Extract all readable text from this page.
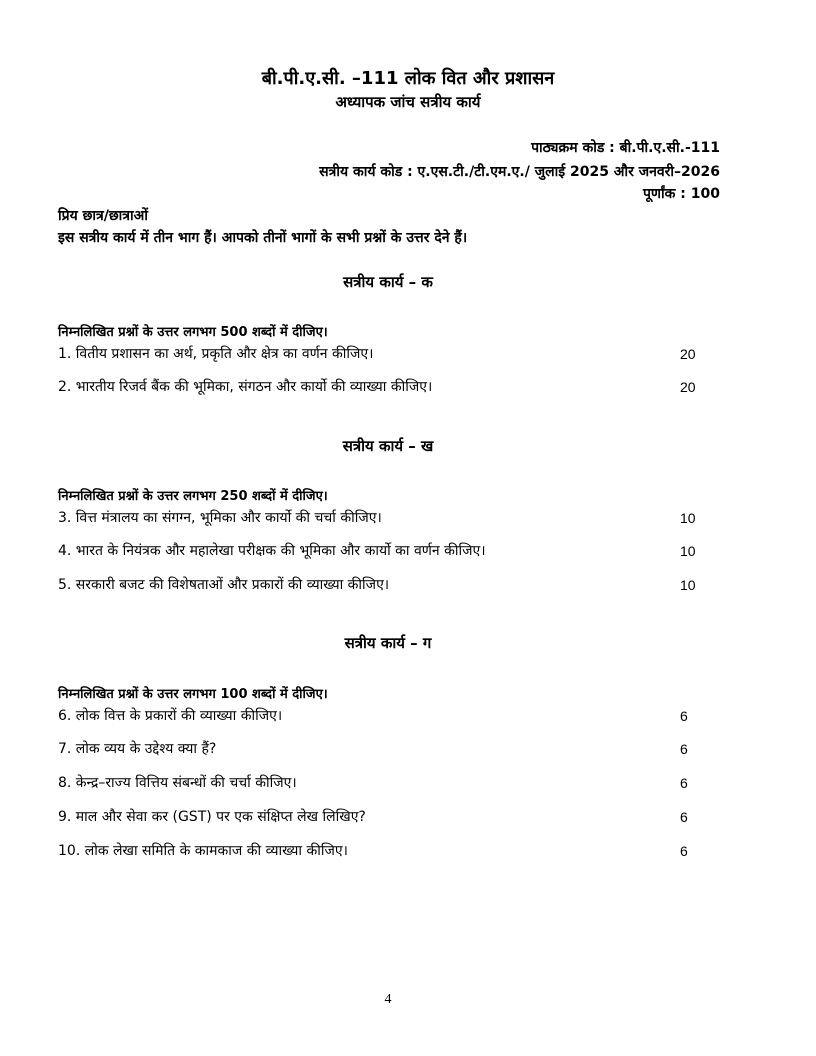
बी.पी.ए.सी. –111 लोक वित और प्रशासन
अध्यापक जांच सत्रीय कार्य
पाठ्यक्रम कोड : बी.पी.ए.सी.-111
सत्रीय कार्य कोड : ए.एस.टी./टी.एम.ए./ जुलाई 2025 और जनवरी–2026
पूर्णांक : 100
प्रिय छात्र/छात्राओं
इस सत्रीय कार्य में तीन भाग हैं। आपको तीनों भागों के सभी प्रश्नों के उत्तर देने हैं।
सत्रीय कार्य – क
निम्नलिखित प्रश्नों के उत्तर लगभग 500 शब्दों में दीजिए।
1. वितीय प्रशासन का अर्थ, प्रकृति और क्षेत्र का वर्णन कीजिए।	20
2. भारतीय रिजर्व बैंक की भूमिका, संगठन और कार्यो की व्याख्या कीजिए।	20
सत्रीय कार्य – ख
निम्नलिखित प्रश्नों के उत्तर लगभग 250 शब्दों में दीजिए।
3. वित्त मंत्रालय का संगग्न, भूमिका और कार्यो की चर्चा कीजिए।	10
4. भारत के नियंत्रक और महालेखा परीक्षक की भूमिका और कार्यो का वर्णन कीजिए।	10
5. सरकारी बजट की विशेषताओं और प्रकारों की व्याख्या कीजिए।	10
सत्रीय कार्य – ग
निम्नलिखित प्रश्नों के उत्तर लगभग 100 शब्दों में दीजिए।
6. लोक वित्त के प्रकारों की व्याख्या कीजिए।	6
7. लोक व्यय के उद्देश्य क्या हैं?	6
8. केन्द्र–राज्य वित्तिय संबन्धों की चर्चा कीजिए।	6
9. माल और सेवा कर (GST) पर एक संक्षिप्त लेख लिखिए?	6
10. लोक लेखा समिति के कामकाज की व्याख्या कीजिए।	6
4
